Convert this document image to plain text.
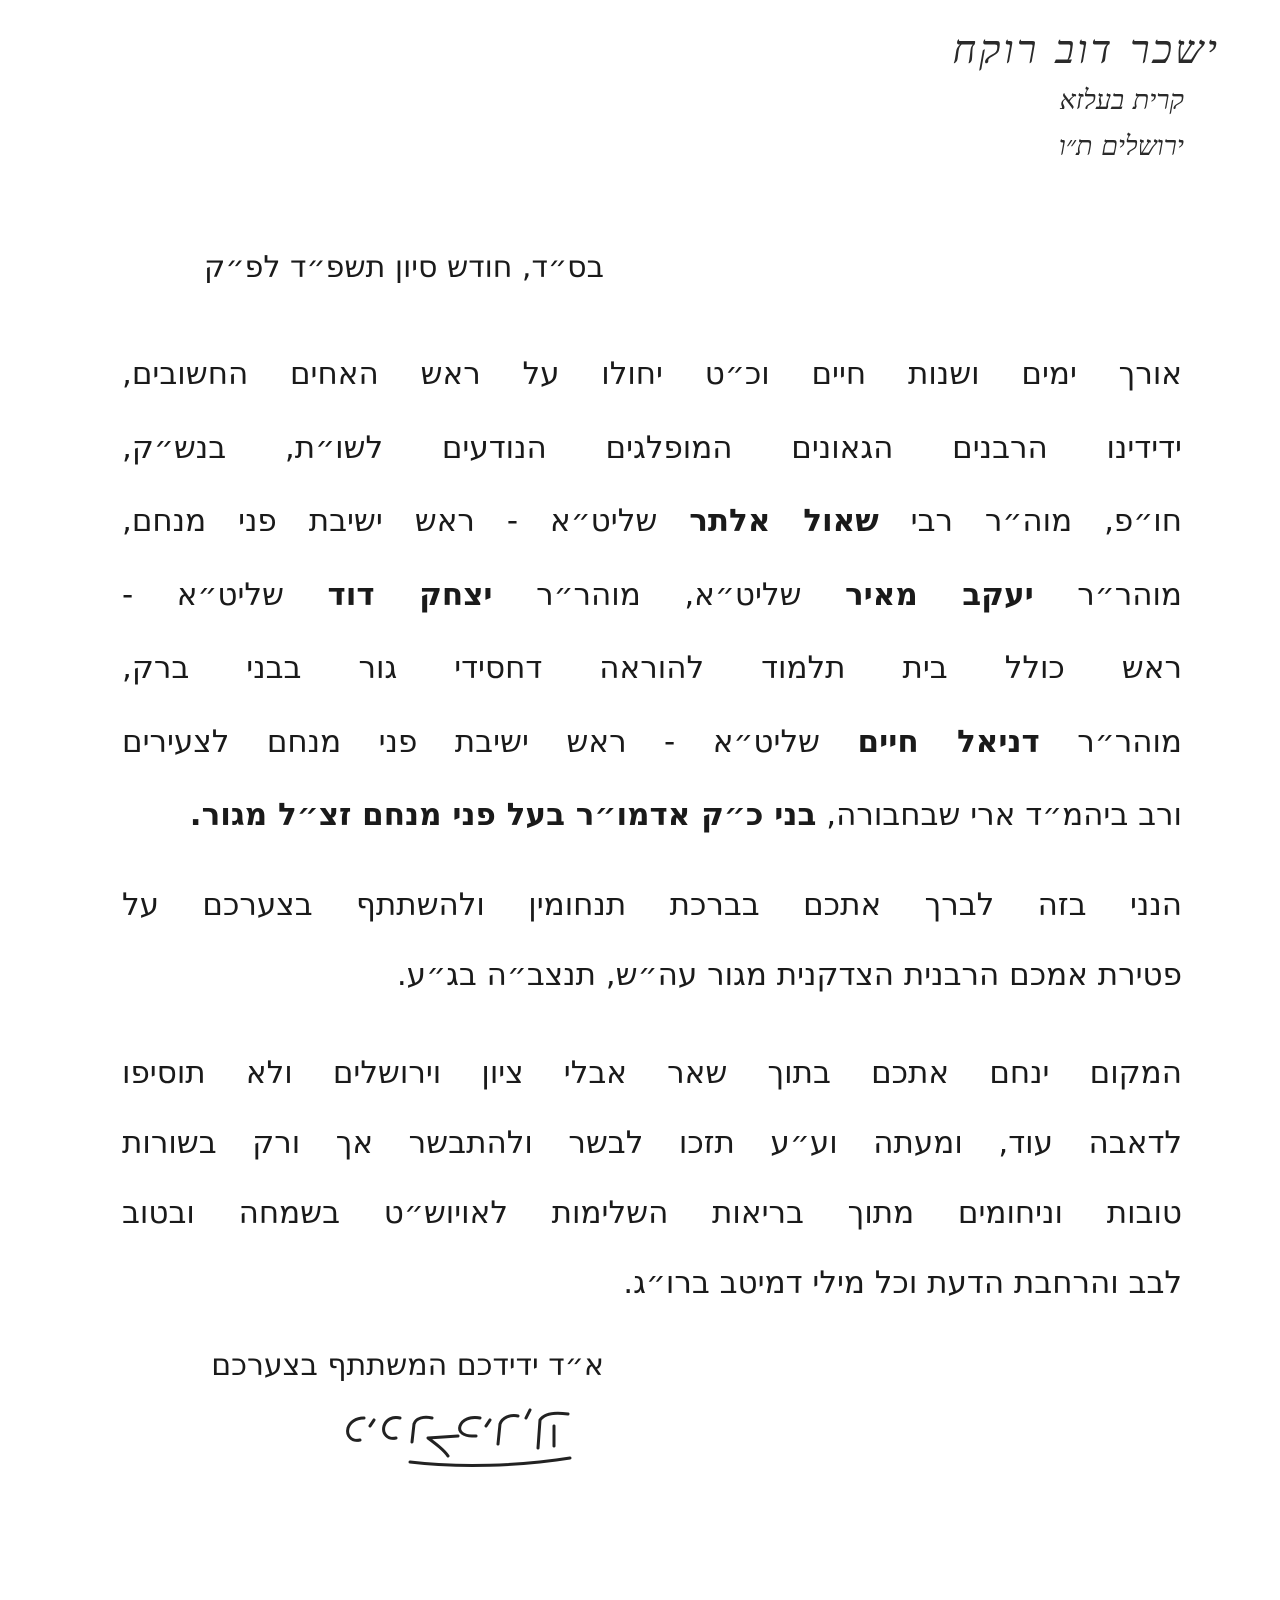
ישכר דוב רוקח
קרית בעלזא
ירושלים ת״ו
בס״ד, חודש סיון תשפ״ד לפ״ק
אורך ימים ושנות חיים וכ״ט יחולו על ראש האחים החשובים,
ידידינו הרבנים הגאונים המופלגים הנודעים לשו״ת, בנש״ק,
חו״פ, מוה״ר רבי שאול אלתר שליט״א - ראש ישיבת פני מנחם,
מוהר״ר יעקב מאיר שליט״א, מוהר״ר יצחק דוד שליט״א -
ראש כולל בית תלמוד להוראה דחסידי גור בבני ברק,
מוהר״ר דניאל חיים שליט״א - ראש ישיבת פני מנחם לצעירים
ורב ביהמ״ד ארי שבחבורה, בני כ״ק אדמו״ר בעל פני מנחם זצ״ל מגור.
הנני בזה לברך אתכם בברכת תנחומין ולהשתתף בצערכם על
פטירת אמכם הרבנית הצדקנית מגור עה״ש, תנצב״ה בג״ע.
המקום ינחם אתכם בתוך שאר אבלי ציון וירושלים ולא תוסיפו
לדאבה עוד, ומעתה וע״ע תזכו לבשר ולהתבשר אך ורק בשורות
טובות וניחומים מתוך בריאות השלימות לאויוש״ט בשמחה ובטוב
לבב והרחבת הדעת וכל מילי דמיטב ברו״ג.
א״ד ידידכם המשתתף בצערכם
